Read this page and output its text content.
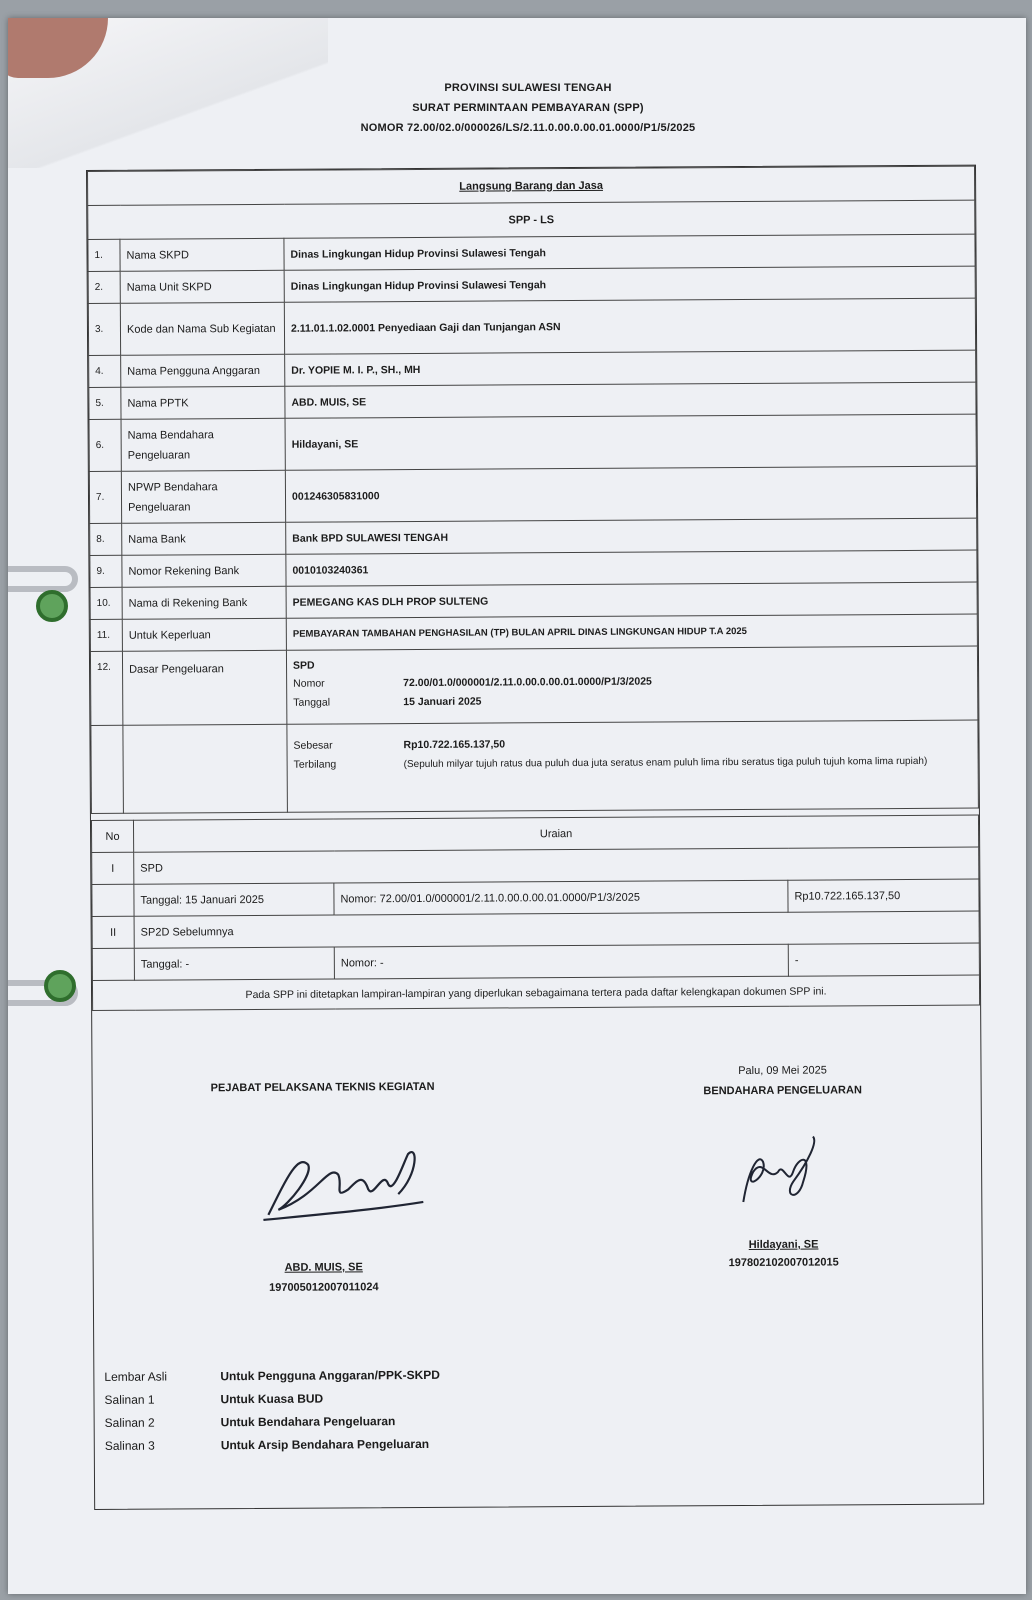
PROVINSI SULAWESI TENGAH
SURAT PERMINTAAN PEMBAYARAN (SPP)
NOMOR 72.00/02.0/000026/LS/2.11.0.00.0.00.01.0000/P1/5/2025
Langsung Barang dan Jasa		
SPP - LS		
1.	Nama SKPD	Dinas Lingkungan Hidup Provinsi Sulawesi Tengah
2.	Nama Unit SKPD	Dinas Lingkungan Hidup Provinsi Sulawesi Tengah
3.	Kode dan Nama Sub Kegiatan	2.11.01.1.02.0001 Penyediaan Gaji dan Tunjangan ASN
4.	Nama Pengguna Anggaran	Dr. YOPIE M. I. P., SH., MH
5.	Nama PPTK	ABD. MUIS, SE
6.	Nama Bendahara Pengeluaran	Hildayani, SE
7.	NPWP Bendahara Pengeluaran	001246305831000
8.	Nama Bank	Bank BPD SULAWESI TENGAH
9.	Nomor Rekening Bank	0010103240361
10.	Nama di Rekening Bank	PEMEGANG KAS DLH PROP SULTENG
11.	Untuk Keperluan	PEMBAYARAN TAMBAHAN PENGHASILAN (TP) BULAN APRIL DINAS LINGKUNGAN HIDUP T.A 2025
12.	Dasar Pengeluaran	SPD
Nomor 72.00/01.0/000001/2.11.0.00.0.00.01.0000/P1/3/2025
Tanggal 15 Januari 2025

		Sebesar Rp10.722.165.137,50
Terbilang (Sepuluh milyar tujuh ratus dua puluh dua juta seratus enam puluh lima ribu seratus tiga puluh tujuh koma lima rupiah)
No	Uraian		
I	SPD		
	Tanggal: 15 Januari 2025	Nomor: 72.00/01.0/000001/2.11.0.00.0.00.01.0000/P1/3/2025	Rp10.722.165.137,50
II	SP2D Sebelumnya		
	Tanggal: -	Nomor: -	-
Pada SPP ini ditetapkan lampiran-lampiran yang diperlukan sebagaimana tertera pada daftar kelengkapan dokumen SPP ini.			
PEJABAT PELAKSANA TEKNIS KEGIATAN
ABD. MUIS, SE
197005012007011024
Palu, 09 Mei 2025
BENDAHARA PENGELUARAN
Hildayani, SE
197802102007012015
Lembar Asli	Untuk Pengguna Anggaran/PPK-SKPD
Salinan 1	Untuk Kuasa BUD
Salinan 2	Untuk Bendahara Pengeluaran
Salinan 3	Untuk Arsip Bendahara Pengeluaran
